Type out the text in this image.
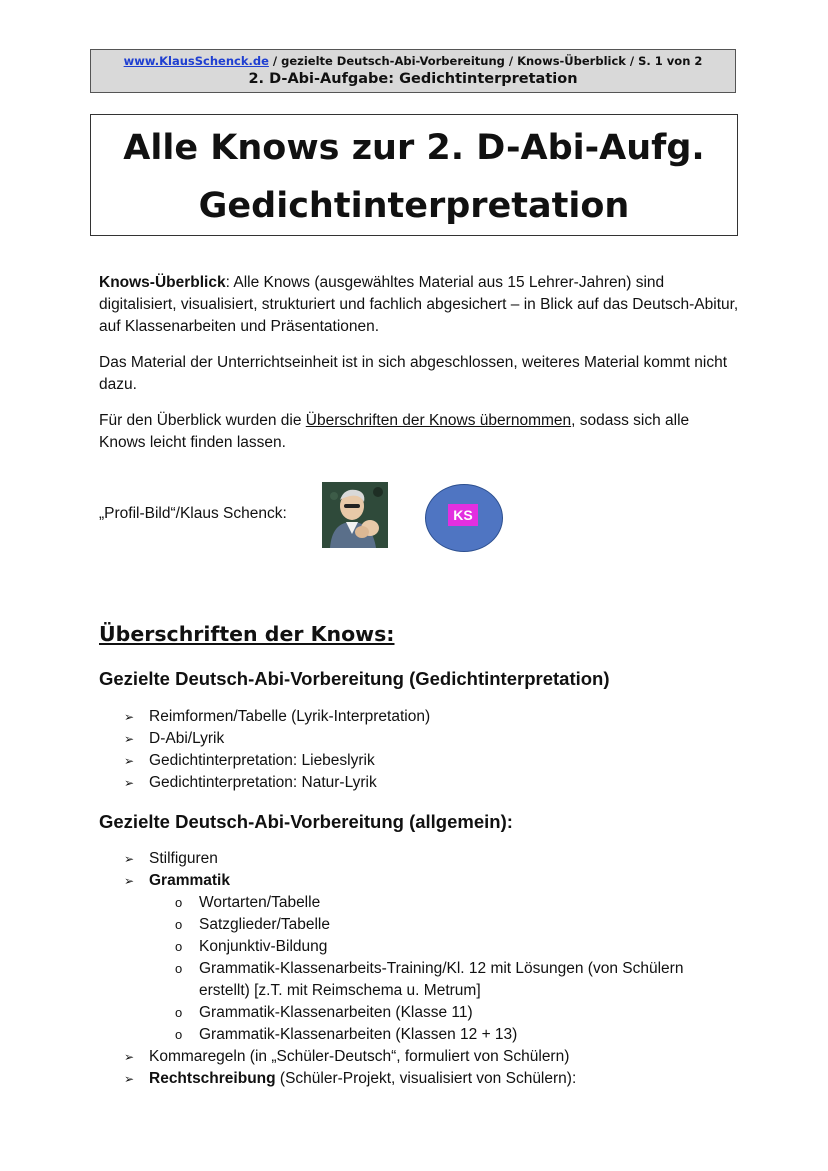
www.KlausSchenck.de / gezielte Deutsch-Abi-Vorbereitung / Knows-Überblick / S. 1 von 2
2. D-Abi-Aufgabe: Gedichtinterpretation
Alle Knows zur 2. D-Abi-Aufg.
Gedichtinterpretation

Knows-Überblick: Alle Knows (ausgewähltes Material aus 15 Lehrer-Jahren) sind digitalisiert, visualisiert, strukturiert und fachlich abgesichert – in Blick auf das Deutsch-Abitur, auf Klassenarbeiten und Präsentationen.

Das Material der Unterrichtseinheit ist in sich abgeschlossen, weiteres Material kommt nicht dazu.

Für den Überblick wurden die Überschriften der Knows übernommen, sodass sich alle Knows leicht finden lassen.

„Profil-Bild“/Klaus Schenck:	KS
Überschriften der Knows:
Gezielte Deutsch-Abi-Vorbereitung (Gedichtinterpretation)
➢ Reimformen/Tabelle (Lyrik-Interpretation)
➢ D-Abi/Lyrik
➢ Gedichtinterpretation: Liebeslyrik
➢ Gedichtinterpretation: Natur-Lyrik
Gezielte Deutsch-Abi-Vorbereitung (allgemein):
➢ Stilfiguren
➢ Grammatik
o Wortarten/Tabelle
o Satzglieder/Tabelle
o Konjunktiv-Bildung
o Grammatik-Klassenarbeits-Training/Kl. 12 mit Lösungen (von Schülern erstellt) [z.T. mit Reimschema u. Metrum]
o Grammatik-Klassenarbeiten (Klasse 11)
o Grammatik-Klassenarbeiten (Klassen 12 + 13)
➢ Kommaregeln (in „Schüler-Deutsch“, formuliert von Schülern)
➢ Rechtschreibung (Schüler-Projekt, visualisiert von Schülern):
